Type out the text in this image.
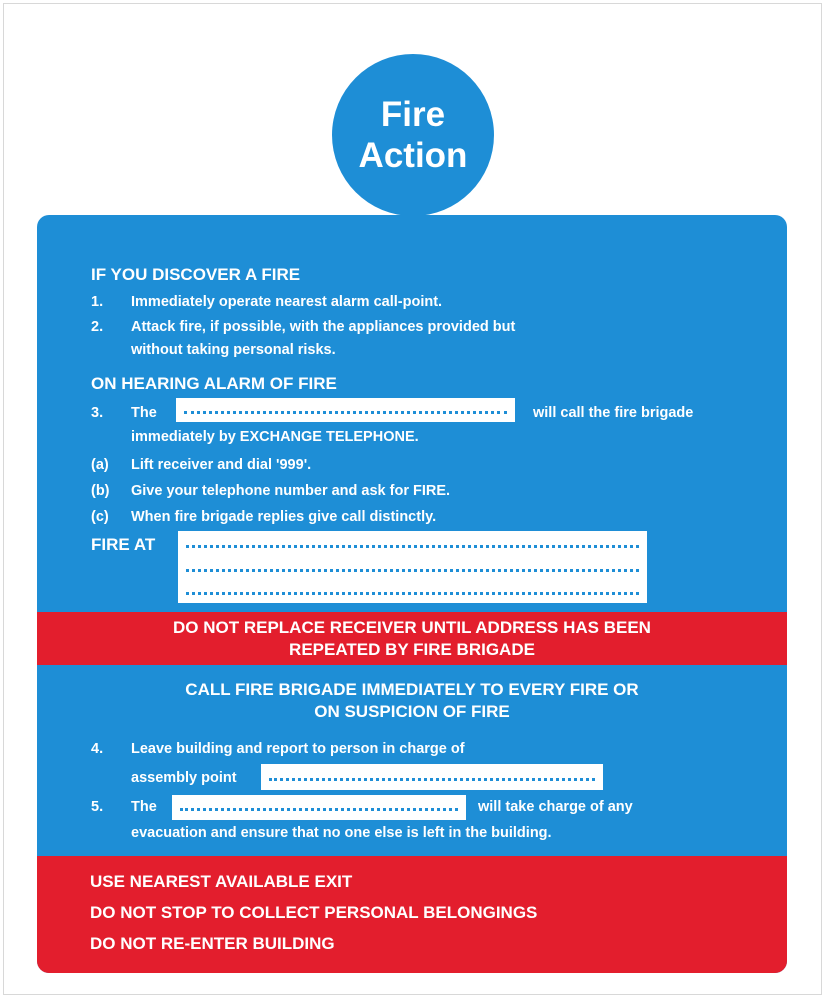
Fire
Action
IF YOU DISCOVER A FIRE
1. Immediately operate nearest alarm call-point.
2. Attack fire, if possible, with the appliances provided but
without taking personal risks.
ON HEARING ALARM OF FIRE
3. The	will call the fire brigade
immediately by EXCHANGE TELEPHONE.
(a) Lift receiver and dial '999'.
(b) Give your telephone number and ask for FIRE.
(c) When fire brigade replies give call distinctly.
FIRE AT
DO NOT REPLACE RECEIVER UNTIL ADDRESS HAS BEEN
REPEATED BY FIRE BRIGADE
CALL FIRE BRIGADE IMMEDIATELY TO EVERY FIRE OR
ON SUSPICION OF FIRE
4. Leave building and report to person in charge of
assembly point
5. The	will take charge of any
evacuation and ensure that no one else is left in the building.
USE NEAREST AVAILABLE EXIT
DO NOT STOP TO COLLECT PERSONAL BELONGINGS
DO NOT RE-ENTER BUILDING
